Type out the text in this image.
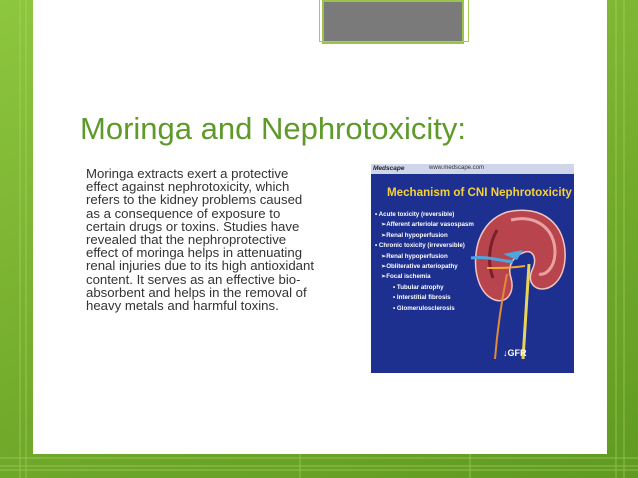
Moringa and Nephrotoxicity:

Moringa extracts exert a protective effect against nephrotoxicity, which refers to the kidney problems caused as a consequence of exposure to certain drugs or toxins. Studies have revealed that the nephroprotective effect of moringa helps in attenuating renal injuries due to its high antioxidant content. It serves as an effective bio-absorbent and helps in the removal of heavy metals and harmful toxins.

Medscape	www.medscape.com
Mechanism of CNI Nephrotoxicity
• Acute toxicity (reversible)
➢Afferent arteriolar vasospasm
➢Renal hypoperfusion
• Chronic toxicity (irreversible)
➢Renal hypoperfusion
➢Obliterative arteriopathy
➢Focal ischemia
• Tubular atrophy
• Interstitial fibrosis
• Glomerulosclerosis
↓GFR
